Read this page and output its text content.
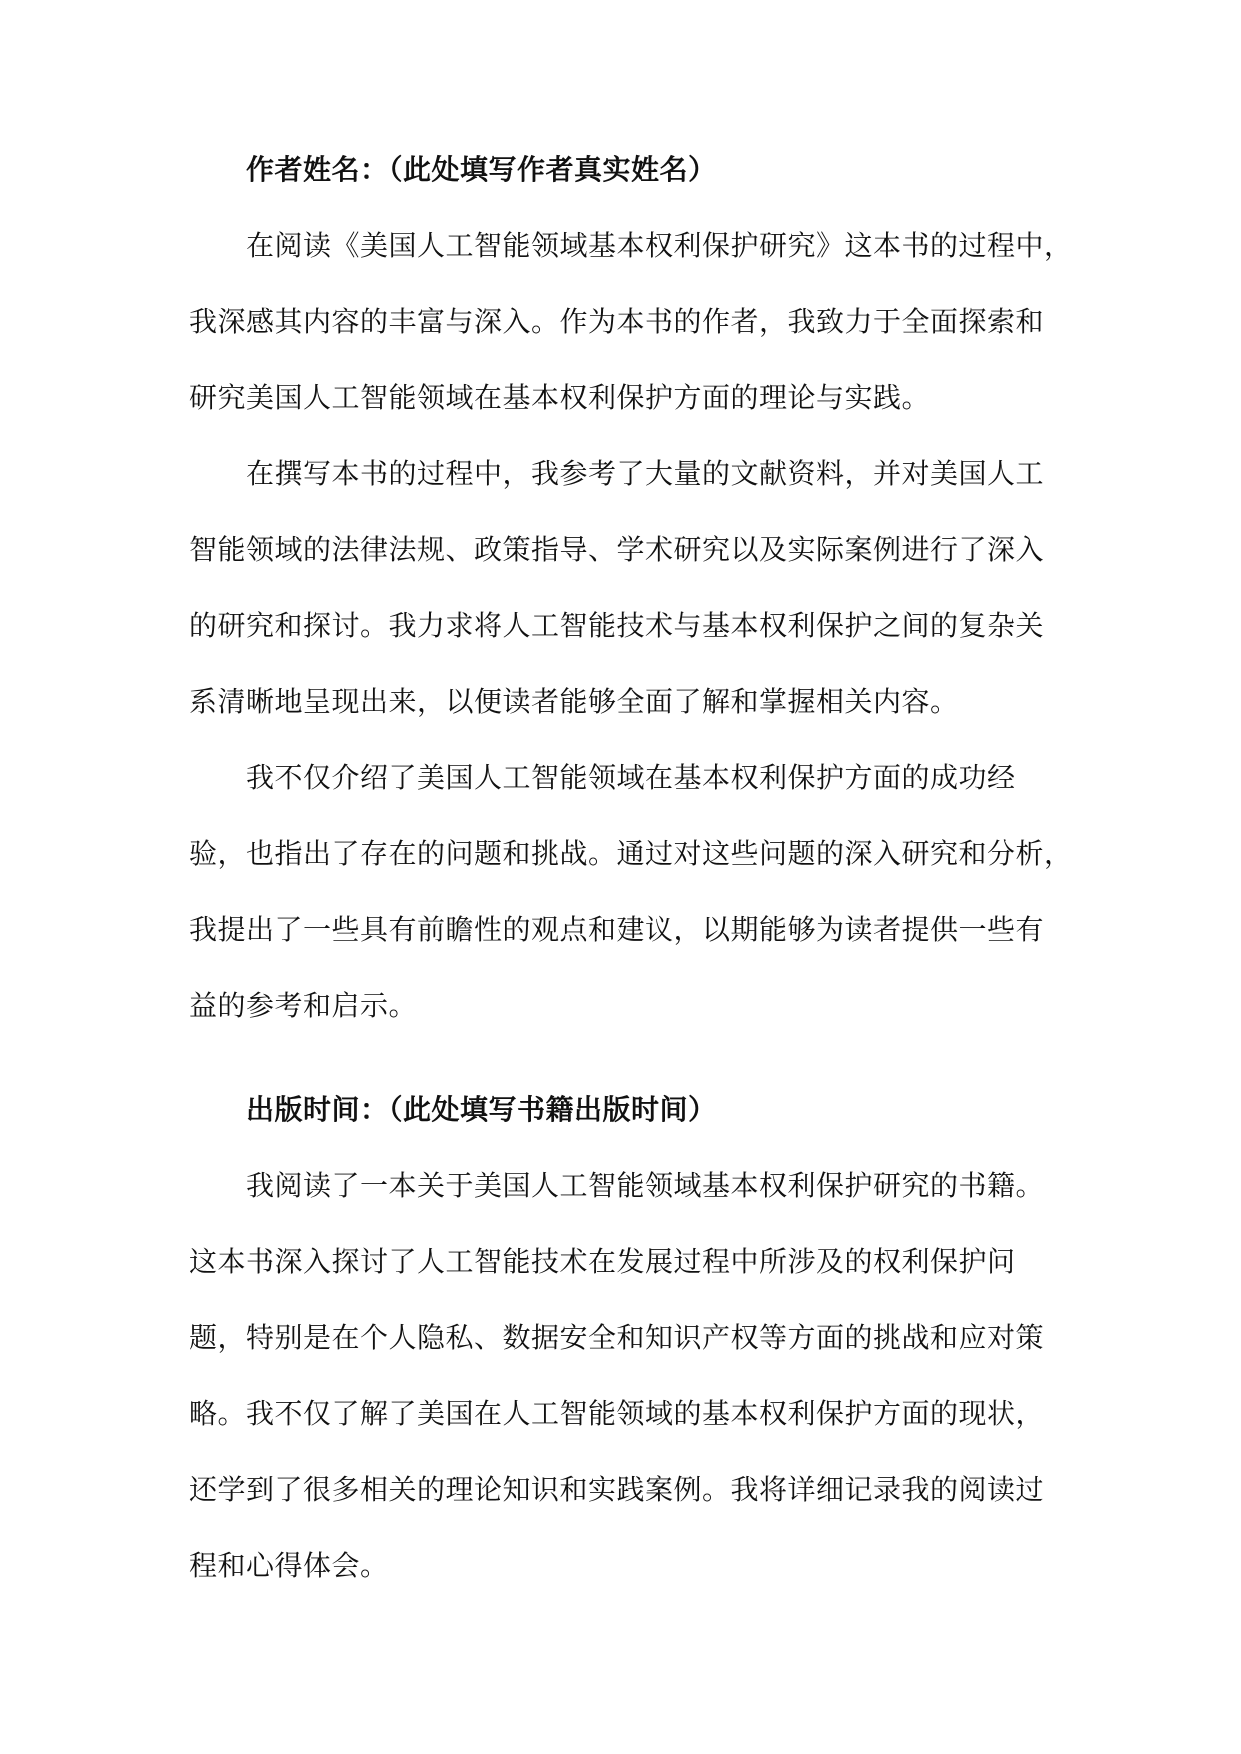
作者姓名：（此处填写作者真实姓名）
在阅读《美国人工智能领域基本权利保护研究》这本书的过程中，
我深感其内容的丰富与深入。作为本书的作者，我致力于全面探索和
研究美国人工智能领域在基本权利保护方面的理论与实践。
在撰写本书的过程中，我参考了大量的文献资料，并对美国人工
智能领域的法律法规、政策指导、学术研究以及实际案例进行了深入
的研究和探讨。我力求将人工智能技术与基本权利保护之间的复杂关
系清晰地呈现出来，以便读者能够全面了解和掌握相关内容。
我不仅介绍了美国人工智能领域在基本权利保护方面的成功经
验，也指出了存在的问题和挑战。通过对这些问题的深入研究和分析，
我提出了一些具有前瞻性的观点和建议，以期能够为读者提供一些有
益的参考和启示。
出版时间：（此处填写书籍出版时间）
我阅读了一本关于美国人工智能领域基本权利保护研究的书籍。
这本书深入探讨了人工智能技术在发展过程中所涉及的权利保护问
题，特别是在个人隐私、数据安全和知识产权等方面的挑战和应对策
略。我不仅了解了美国在人工智能领域的基本权利保护方面的现状，
还学到了很多相关的理论知识和实践案例。我将详细记录我的阅读过
程和心得体会。
